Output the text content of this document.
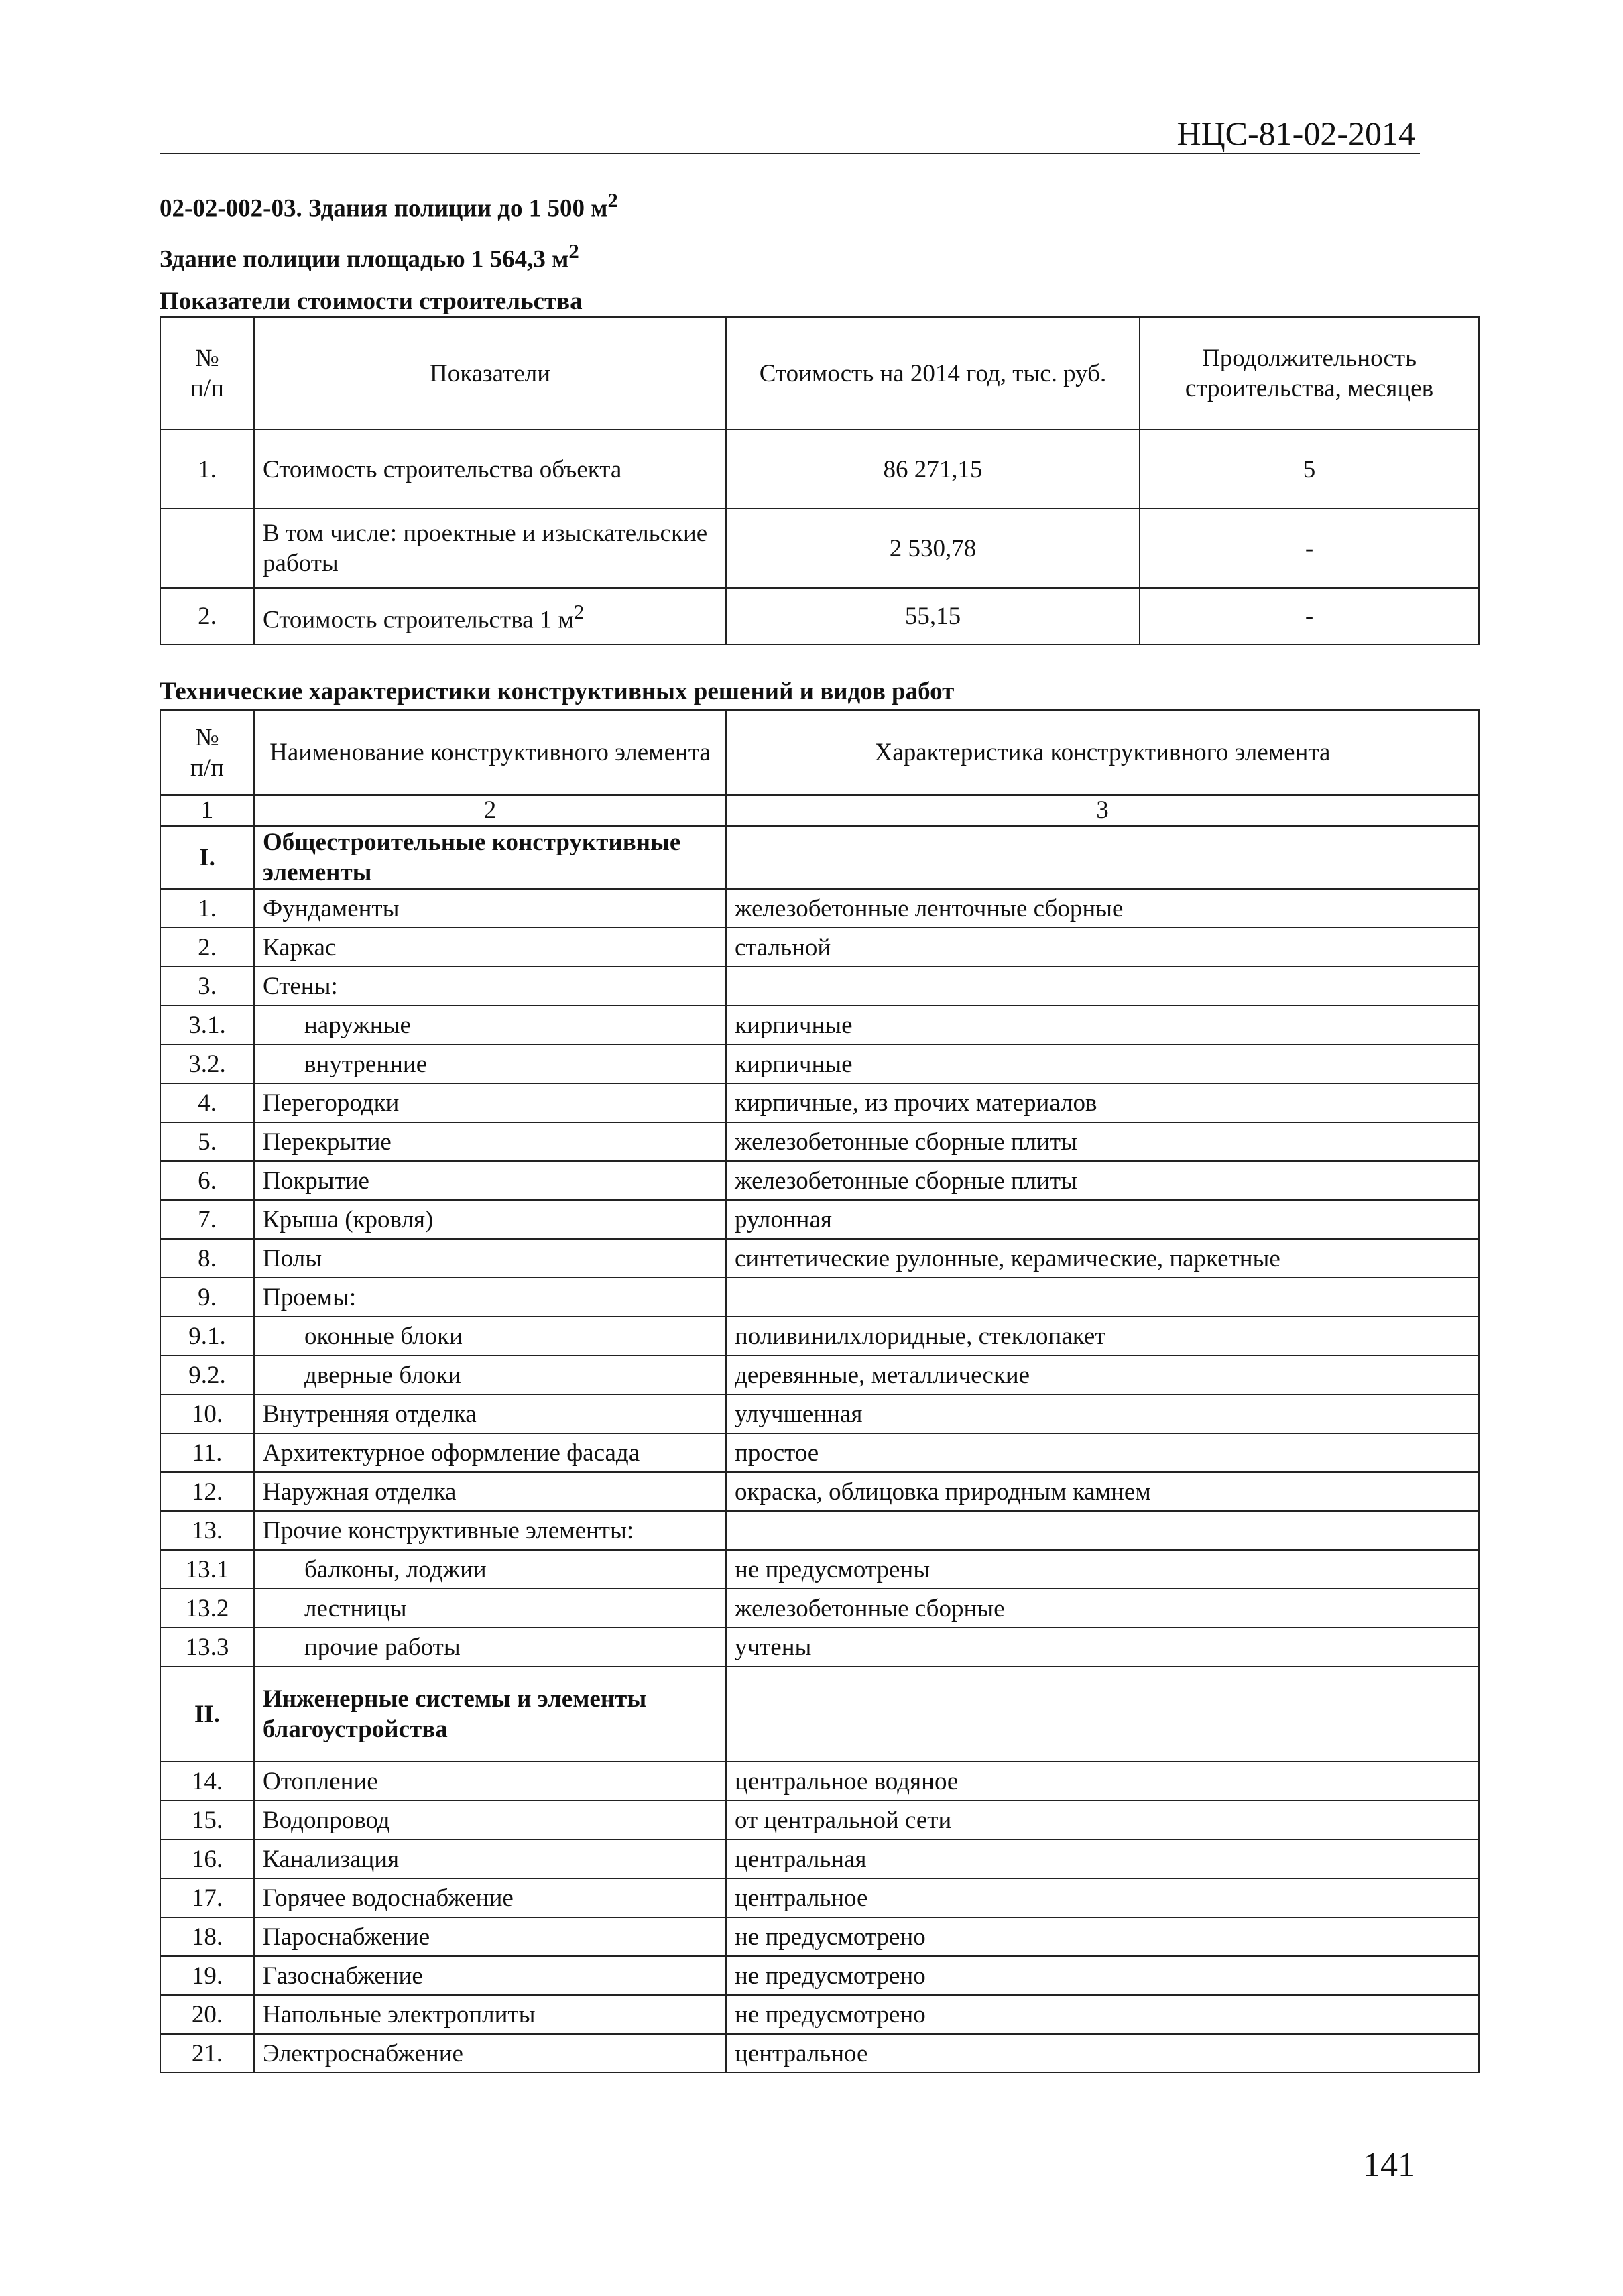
НЦС-81-02-2014
02-02-002-03. Здания полиции до 1 500 $м^2$
Здание полиции площадью 1 564,3 $м^2$
Показатели стоимости строительства
№
п/п	Показатели	Стоимость на 2014 год, тыс. руб.	Продолжительность строительства, месяцев
1.	Стоимость строительства объекта	86 271,15	5
	В том числе: проектные и изыскательские работы	2 530,78	-
2.	Стоимость строительства 1 $м^2$	55,15	-
Технические характеристики конструктивных решений и видов работ
№
п/п	Наименование конструктивного элемента	Характеристика конструктивного элемента
1	2	3
I.	Общестроительные конструктивные элементы	
1.	Фундаменты	железобетонные ленточные сборные
2.	Каркас	стальной
3.	Стены:	
3.1.	наружные	кирпичные
3.2.	внутренние	кирпичные
4.	Перегородки	кирпичные, из прочих материалов
5.	Перекрытие	железобетонные сборные плиты
6.	Покрытие	железобетонные сборные плиты
7.	Крыша (кровля)	рулонная
8.	Полы	синтетические рулонные, керамические, паркетные
9.	Проемы:	
9.1.	оконные блоки	поливинилхлоридные, стеклопакет
9.2.	дверные блоки	деревянные, металлические
10.	Внутренняя отделка	улучшенная
11.	Архитектурное оформление фасада	простое
12.	Наружная отделка	окраска, облицовка природным камнем
13.	Прочие конструктивные элементы:	
13.1	балконы, лоджии	не предусмотрены
13.2	лестницы	железобетонные сборные
13.3	прочие работы	учтены
II.	Инженерные системы и элементы благоустройства	
14.	Отопление	центральное водяное
15.	Водопровод	от центральной сети
16.	Канализация	центральная
17.	Горячее водоснабжение	центральное
18.	Пароснабжение	не предусмотрено
19.	Газоснабжение	не предусмотрено
20.	Напольные электроплиты	не предусмотрено
21.	Электроснабжение	центральное
141
